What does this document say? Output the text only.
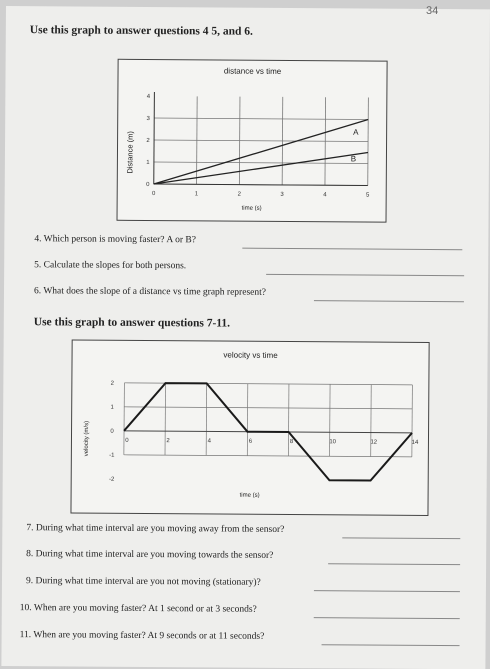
34
Use this graph to answer questions 4 5, and 6.
distance vs time
0	1	2	3	4	5
0
1
2
3
4
A
B
time (s)
Distance (m)
4. Which person is moving faster? A or B?
5. Calculate the slopes for both persons.
6. What does the slope of a distance vs time graph represent?
Use this graph to answer questions 7-11.
velocity vs time
0	2	4	6	8	10	12	14
2
1
0
-1
-2
time (s)
velocity (m/s)
7. During what time interval are you moving away from the sensor?
8. During what time interval are you moving towards the sensor?
9. During what time interval are you not moving (stationary)?
10. When are you moving faster? At 1 second or at 3 seconds?
11. When are you moving faster? At 9 seconds or at 11 seconds?
